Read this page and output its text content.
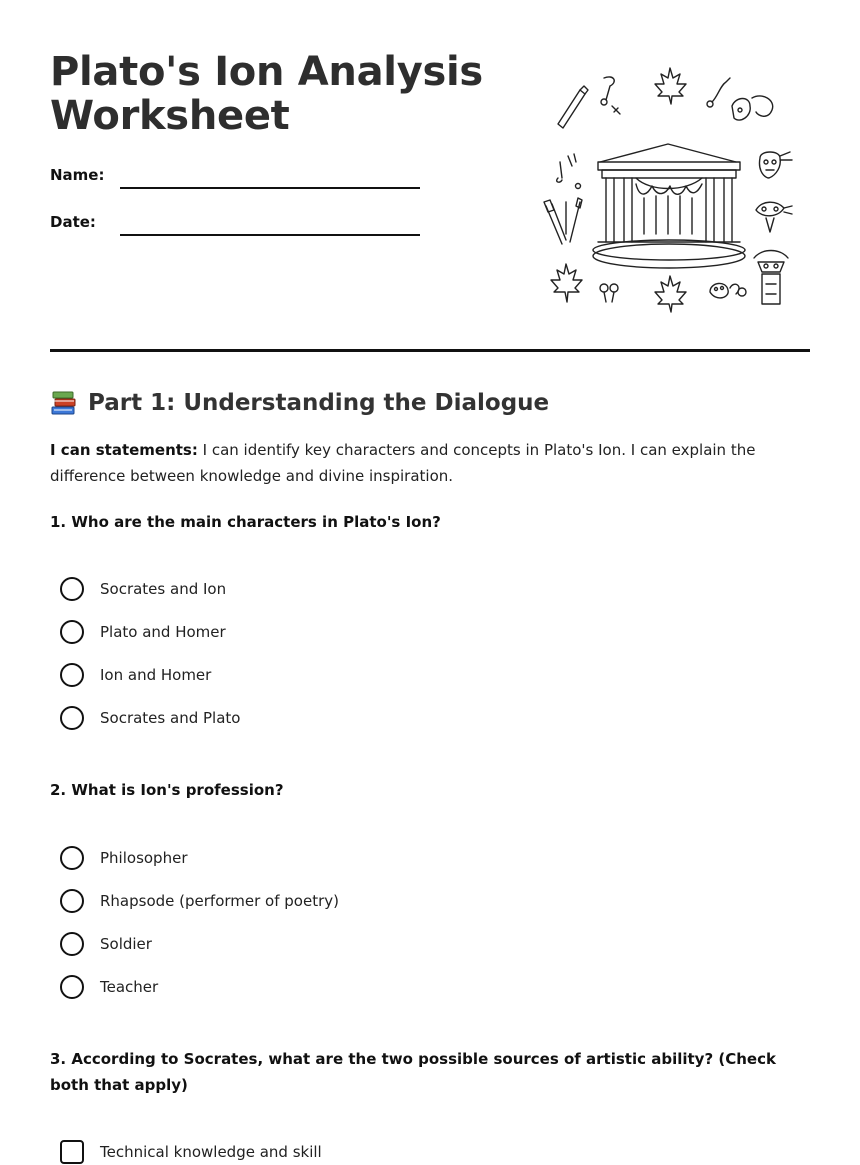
Plato's Ion Analysis Worksheet
Name:
Date:
Part 1: Understanding the Dialogue
I can statements: I can identify key characters and concepts in Plato's Ion. I can explain the difference between knowledge and divine inspiration.
1. Who are the main characters in Plato's Ion?
Socrates and Ion
Plato and Homer
Ion and Homer
Socrates and Plato
2. What is Ion's profession?
Philosopher
Rhapsode (performer of poetry)
Soldier
Teacher
3. According to Socrates, what are the two possible sources of artistic ability? (Check both that apply)
Technical knowledge and skill
